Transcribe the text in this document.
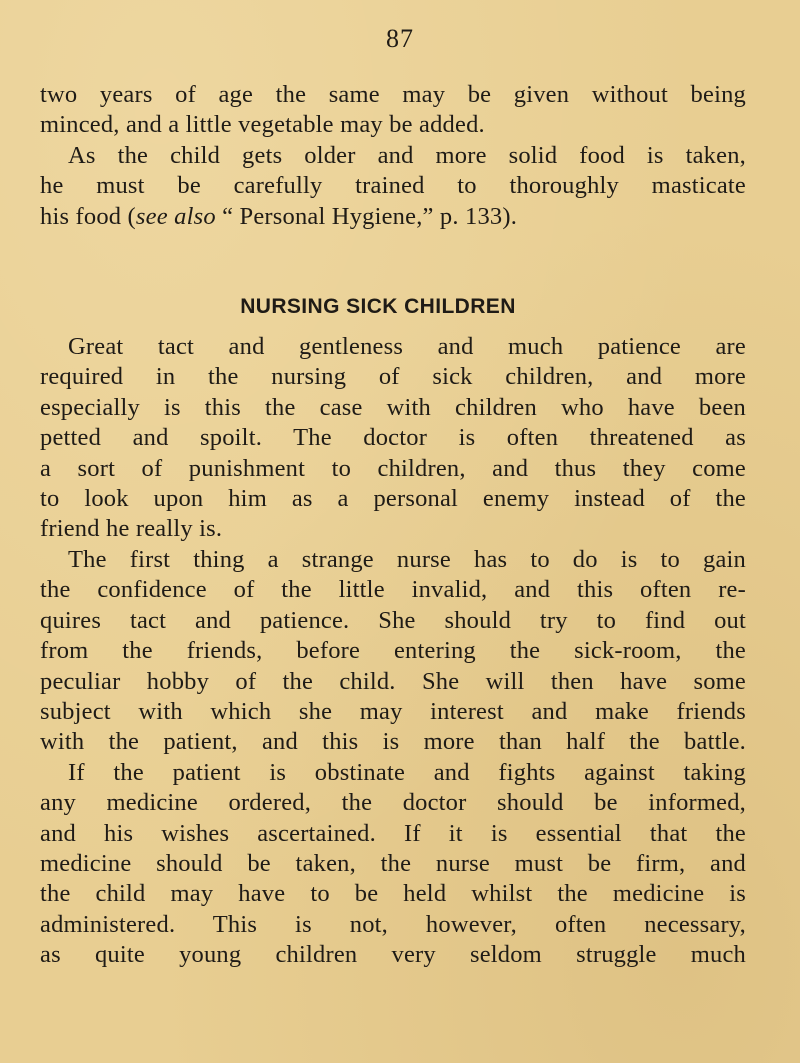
87
two years of age the same may be given without being
minced, and a little vegetable may be added.
As the child gets older and more solid food is taken,
he must be carefully trained to thoroughly masticate
his food (see also “ Personal Hygiene,” p. 133).
NURSING SICK CHILDREN
Great tact and gentleness and much patience are
required in the nursing of sick children, and more
especially is this the case with children who have been
petted and spoilt. The doctor is often threatened as
a sort of punishment to children, and thus they come
to look upon him as a personal enemy instead of the
friend he really is.
The first thing a strange nurse has to do is to gain
the confidence of the little invalid, and this often re-
quires tact and patience. She should try to find out
from the friends, before entering the sick-room, the
peculiar hobby of the child. She will then have some
subject with which she may interest and make friends
with the patient, and this is more than half the battle.
If the patient is obstinate and fights against taking
any medicine ordered, the doctor should be informed,
and his wishes ascertained. If it is essential that the
medicine should be taken, the nurse must be firm, and
the child may have to be held whilst the medicine is
administered. This is not, however, often necessary,
as quite young children very seldom struggle much
